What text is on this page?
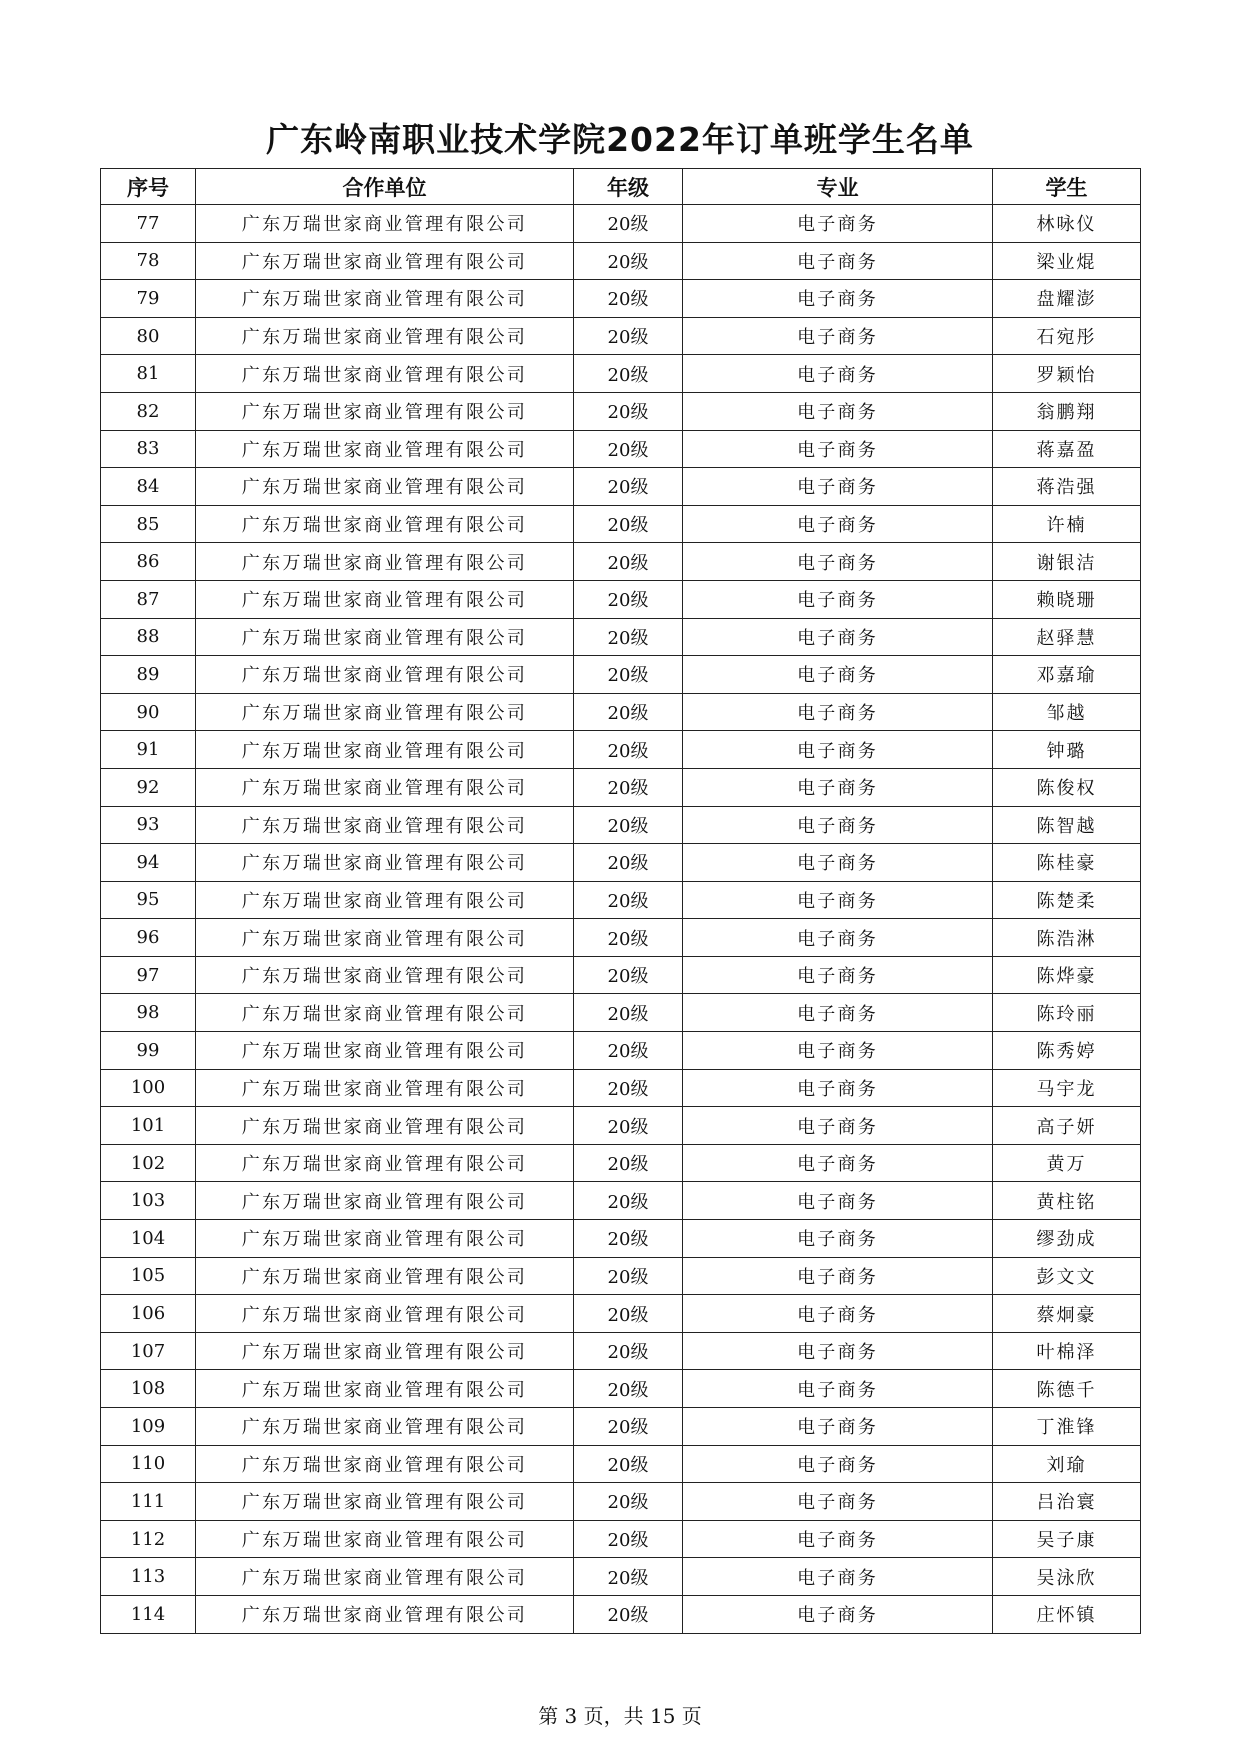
广东岭南职业技术学院2022年订单班学生名单
序号	合作单位	年级	专业	学生
77	广东万瑞世家商业管理有限公司	20级	电子商务	林咏仪
78	广东万瑞世家商业管理有限公司	20级	电子商务	梁业焜
79	广东万瑞世家商业管理有限公司	20级	电子商务	盘耀澎
80	广东万瑞世家商业管理有限公司	20级	电子商务	石宛彤
81	广东万瑞世家商业管理有限公司	20级	电子商务	罗颖怡
82	广东万瑞世家商业管理有限公司	20级	电子商务	翁鹏翔
83	广东万瑞世家商业管理有限公司	20级	电子商务	蒋嘉盈
84	广东万瑞世家商业管理有限公司	20级	电子商务	蒋浩强
85	广东万瑞世家商业管理有限公司	20级	电子商务	许楠
86	广东万瑞世家商业管理有限公司	20级	电子商务	谢银洁
87	广东万瑞世家商业管理有限公司	20级	电子商务	赖晓珊
88	广东万瑞世家商业管理有限公司	20级	电子商务	赵驿慧
89	广东万瑞世家商业管理有限公司	20级	电子商务	邓嘉瑜
90	广东万瑞世家商业管理有限公司	20级	电子商务	邹越
91	广东万瑞世家商业管理有限公司	20级	电子商务	钟璐
92	广东万瑞世家商业管理有限公司	20级	电子商务	陈俊权
93	广东万瑞世家商业管理有限公司	20级	电子商务	陈智越
94	广东万瑞世家商业管理有限公司	20级	电子商务	陈桂豪
95	广东万瑞世家商业管理有限公司	20级	电子商务	陈楚柔
96	广东万瑞世家商业管理有限公司	20级	电子商务	陈浩淋
97	广东万瑞世家商业管理有限公司	20级	电子商务	陈烨豪
98	广东万瑞世家商业管理有限公司	20级	电子商务	陈玲丽
99	广东万瑞世家商业管理有限公司	20级	电子商务	陈秀婷
100	广东万瑞世家商业管理有限公司	20级	电子商务	马宇龙
101	广东万瑞世家商业管理有限公司	20级	电子商务	高子妍
102	广东万瑞世家商业管理有限公司	20级	电子商务	黄万
103	广东万瑞世家商业管理有限公司	20级	电子商务	黄柱铭
104	广东万瑞世家商业管理有限公司	20级	电子商务	缪劲成
105	广东万瑞世家商业管理有限公司	20级	电子商务	彭文文
106	广东万瑞世家商业管理有限公司	20级	电子商务	蔡炯豪
107	广东万瑞世家商业管理有限公司	20级	电子商务	叶棉泽
108	广东万瑞世家商业管理有限公司	20级	电子商务	陈德千
109	广东万瑞世家商业管理有限公司	20级	电子商务	丁淮锋
110	广东万瑞世家商业管理有限公司	20级	电子商务	刘瑜
111	广东万瑞世家商业管理有限公司	20级	电子商务	吕治寰
112	广东万瑞世家商业管理有限公司	20级	电子商务	吴子康
113	广东万瑞世家商业管理有限公司	20级	电子商务	吴泳欣
114	广东万瑞世家商业管理有限公司	20级	电子商务	庄怀镇
第 3 页，共 15 页
